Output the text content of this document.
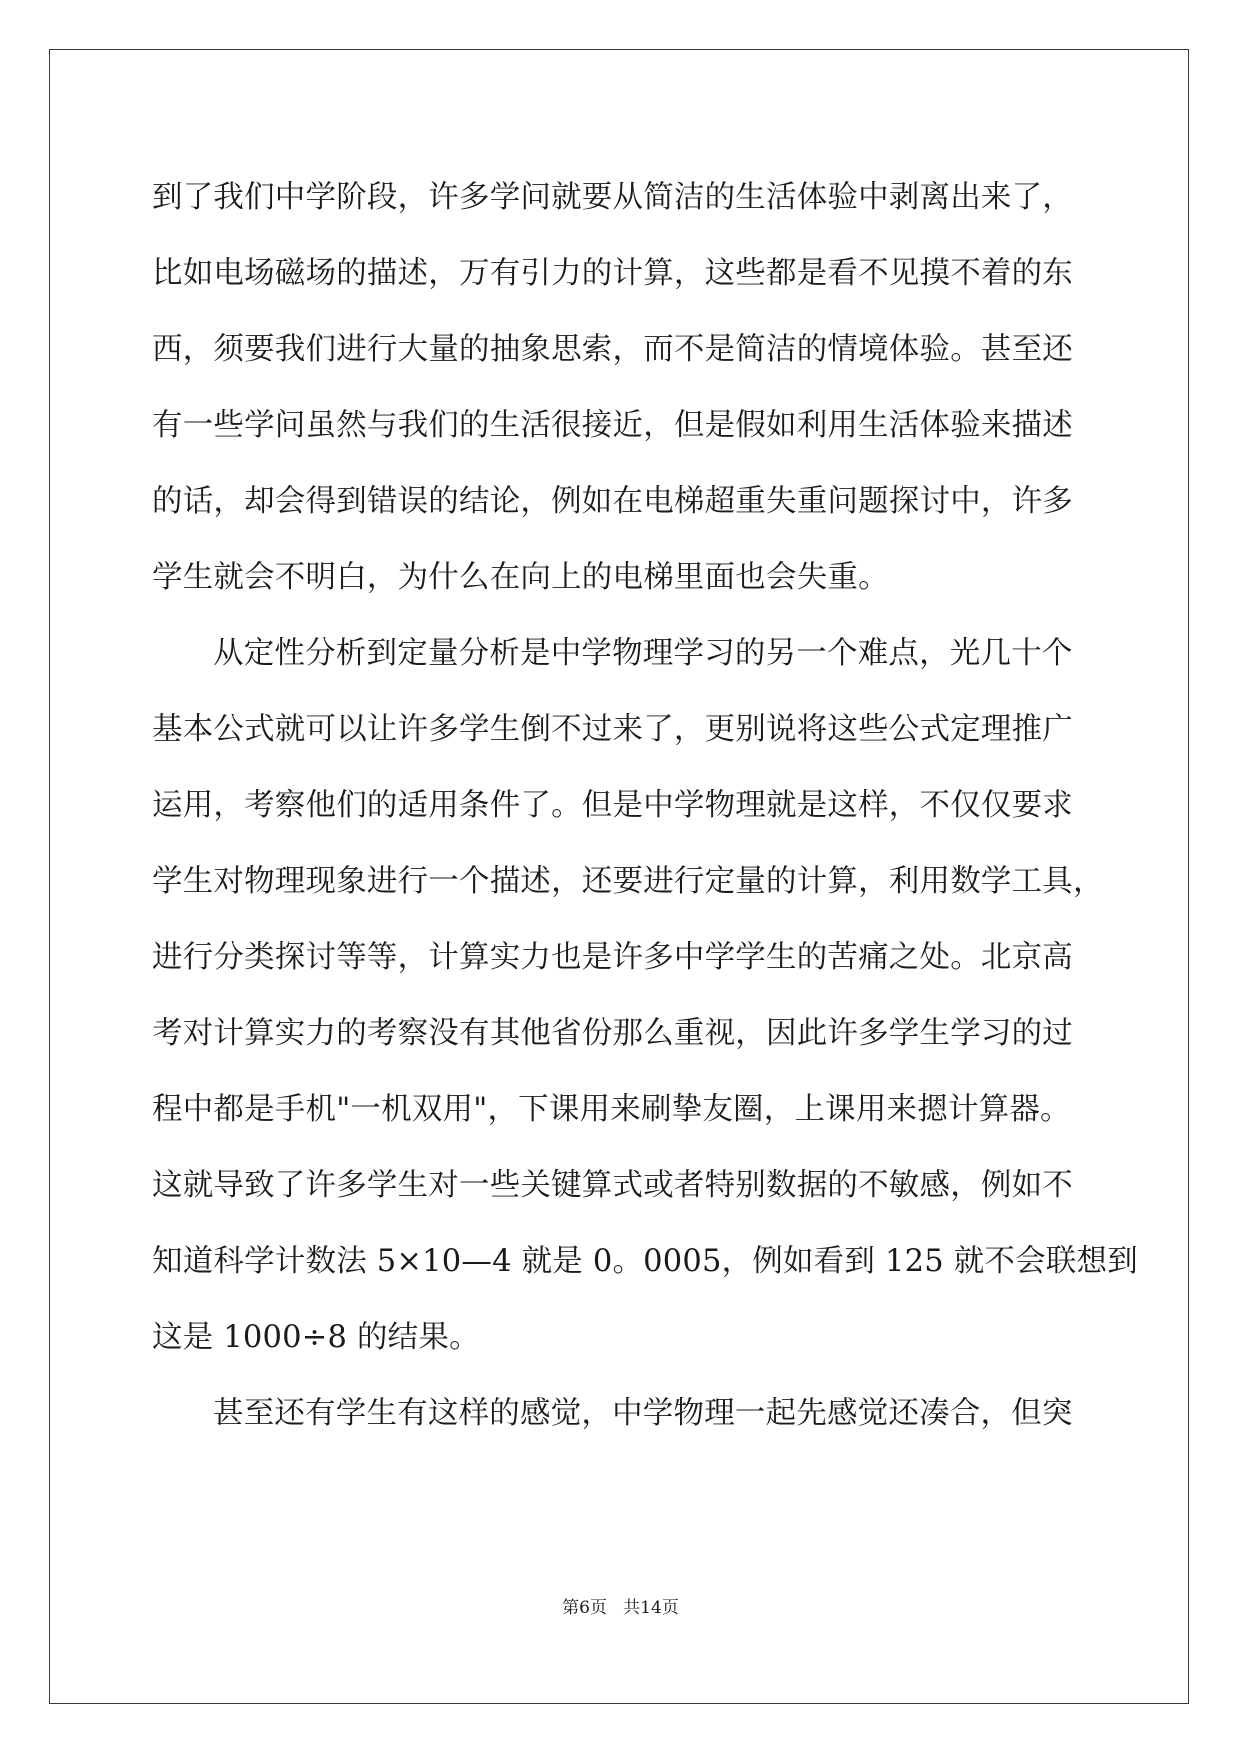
到了我们中学阶段，许多学问就要从简洁的生活体验中剥离出来了，
比如电场磁场的描述，万有引力的计算，这些都是看不见摸不着的东
西，须要我们进行大量的抽象思索，而不是简洁的情境体验。甚至还
有一些学问虽然与我们的生活很接近，但是假如利用生活体验来描述
的话，却会得到错误的结论，例如在电梯超重失重问题探讨中，许多
学生就会不明白，为什么在向上的电梯里面也会失重。
从定性分析到定量分析是中学物理学习的另一个难点，光几十个
基本公式就可以让许多学生倒不过来了，更别说将这些公式定理推广
运用，考察他们的适用条件了。但是中学物理就是这样，不仅仅要求
学生对物理现象进行一个描述，还要进行定量的计算，利用数学工具，
进行分类探讨等等，计算实力也是许多中学学生的苦痛之处。北京高
考对计算实力的考察没有其他省份那么重视，因此许多学生学习的过
程中都是手机"一机双用"，下课用来刷挚友圈，上课用来摁计算器。
这就导致了许多学生对一些关键算式或者特别数据的不敏感，例如不
知道科学计数法 5×10—4 就是 0。0005，例如看到 125 就不会联想到
这是 1000÷8 的结果。
甚至还有学生有这样的感觉，中学物理一起先感觉还凑合，但突
第6页   共14页
